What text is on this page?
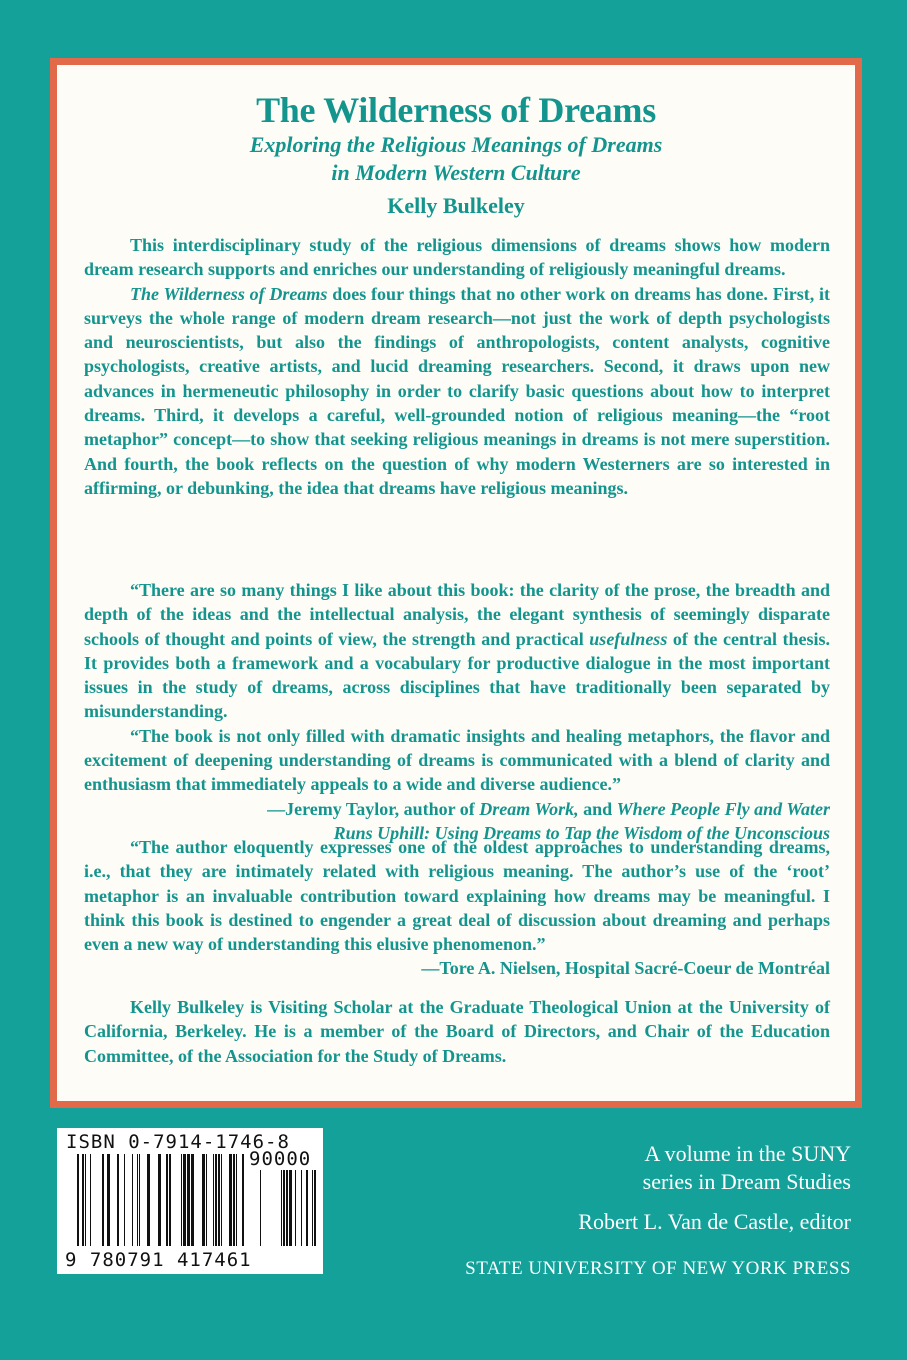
The Wilderness of Dreams
Exploring the Religious Meanings of Dreams
in Modern Western Culture
Kelly Bulkeley

This interdisciplinary study of the religious dimensions of dreams shows how modern dream research supports and enriches our understanding of religiously meaningful dreams.

The Wilderness of Dreams does four things that no other work on dreams has done. First, it surveys the whole range of modern dream research—not just the work of depth psychologists and neuroscientists, but also the findings of anthropologists, content analysts, cognitive psychologists, creative artists, and lucid dreaming researchers. Second, it draws upon new advances in hermeneutic philosophy in order to clarify basic questions about how to interpret dreams. Third, it develops a careful, well-grounded notion of religious meaning—the “root metaphor” concept—to show that seeking religious meanings in dreams is not mere superstition. And fourth, the book reflects on the question of why modern Westerners are so interested in affirming, or debunking, the idea that dreams have religious meanings.

“There are so many things I like about this book: the clarity of the prose, the breadth and depth of the ideas and the intellectual analysis, the elegant synthesis of seemingly disparate schools of thought and points of view, the strength and practical usefulness of the central thesis. It provides both a framework and a vocabulary for productive dialogue in the most important issues in the study of dreams, across disciplines that have traditionally been separated by misunderstanding.

“The book is not only filled with dramatic insights and healing metaphors, the flavor and excitement of deepening understanding of dreams is communicated with a blend of clarity and enthusiasm that immediately appeals to a wide and diverse audience.”

—Jeremy Taylor, author of Dream Work, and Where People Fly and Water
Runs Uphill: Using Dreams to Tap the Wisdom of the Unconscious

“The author eloquently expresses one of the oldest approaches to understanding dreams, i.e., that they are intimately related with religious meaning. The author’s use of the ‘root’ metaphor is an invaluable contribution toward explaining how dreams may be meaningful. I think this book is destined to engender a great deal of discussion about dreaming and perhaps even a new way of understanding this elusive phenomenon.”

—Tore A. Nielsen, Hospital Sacré-Coeur de Montréal

Kelly Bulkeley is Visiting Scholar at the Graduate Theological Union at the University of California, Berkeley. He is a member of the Board of Directors, and Chair of the Education Committee, of the Association for the Study of Dreams.

ISBN 0-7914-1746-8
90000
9 780791 417461
A volume in the SUNY
series in Dream Studies
Robert L. Van de Castle, editor
STATE UNIVERSITY OF NEW YORK PRESS
